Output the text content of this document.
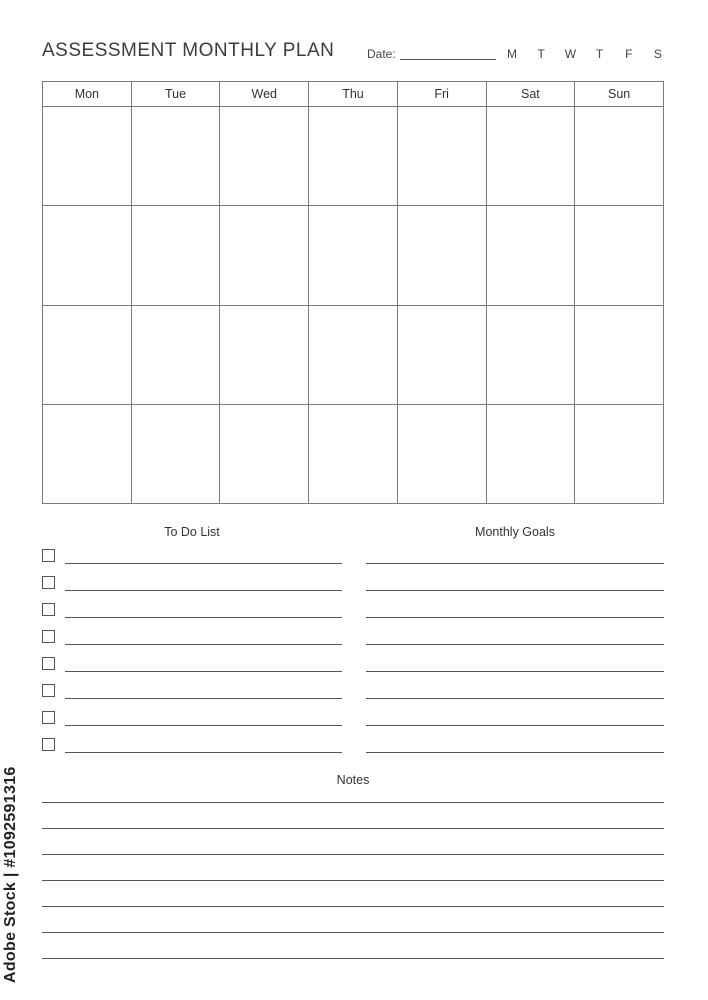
ASSESSMENT MONTHLY PLAN	Date:	M	T	W	T	F	S
Mon	Tue	Wed	Thu	Fri	Sat	Sun

To Do List	Monthly Goals
Notes
Adobe Stock | #1092591316
